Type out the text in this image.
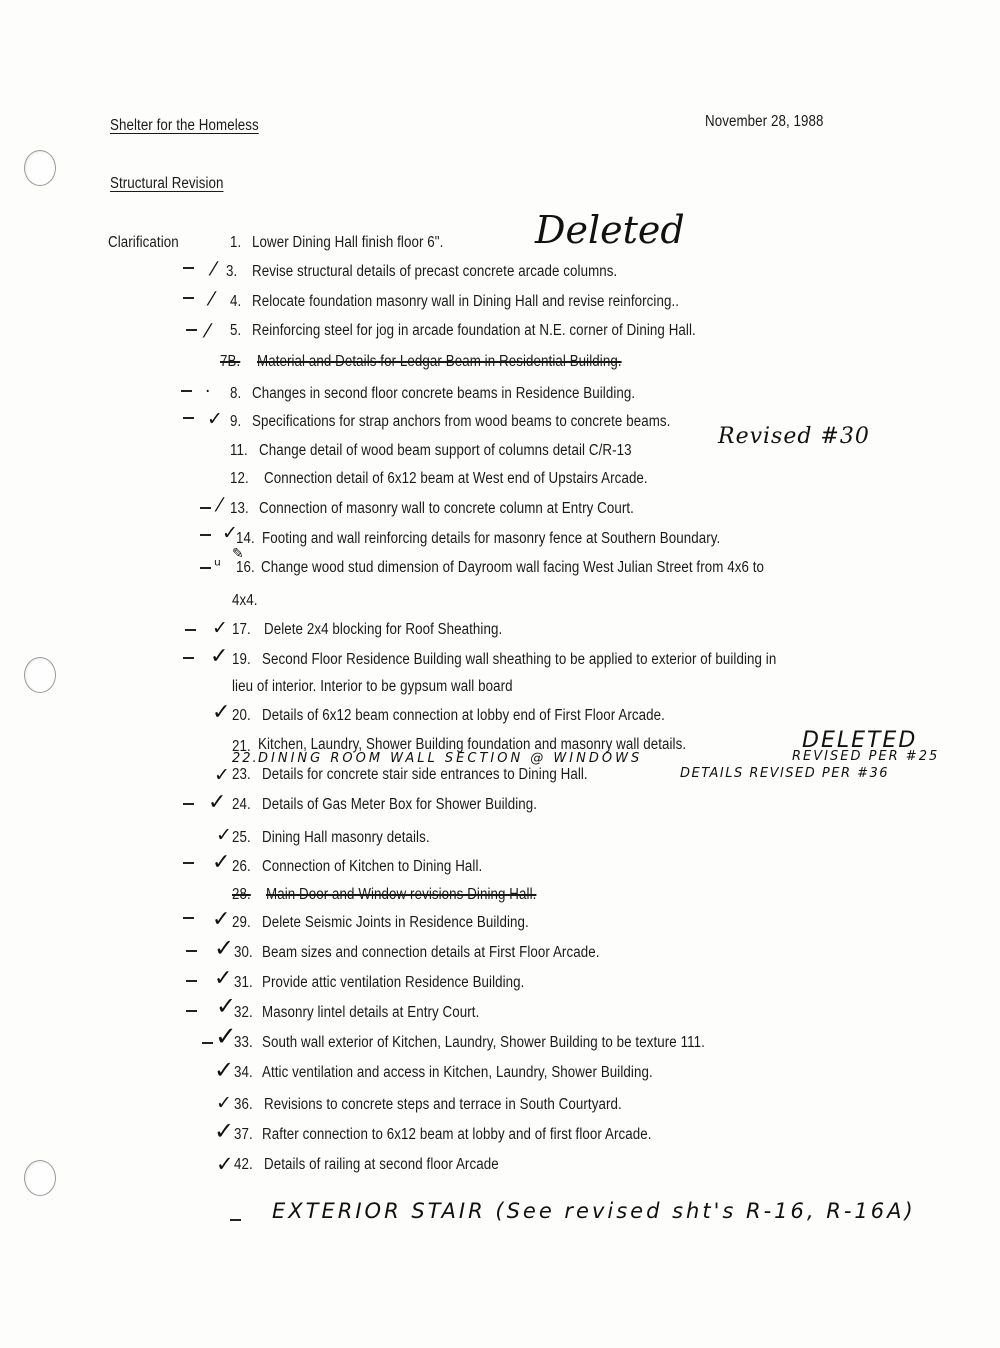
Shelter for the Homeless	November 28, 1988
Structural Revision
Clarification	1. Lower Dining Hall finish floor 6". Deleted
⁄ 3. Revise structural details of precast concrete arcade columns.
⁄ 4. Relocate foundation masonry wall in Dining Hall and revise reinforcing..
⁄ 5. Reinforcing steel for jog in arcade foundation at N.E. corner of Dining Hall.
7B. Material and Details for Ledgar Beam in Residential Building.
· 8. Changes in second floor concrete beams in Residence Building.
✓ 9. Specifications for strap anchors from wood beams to concrete beams.
11. Change detail of wood beam support of columns detail C/R-13
Revised #30
12. Connection detail of 6x12 beam at West end of Upstairs Arcade.
⁄ 13. Connection of masonry wall to concrete column at Entry Court.
✓
14. Footing and wall reinforcing details for masonry fence at Southern Boundary.
ᵘ
✎
16. Change wood stud dimension of Dayroom wall facing West Julian Street from 4x6 to
4x4.
✓ 17. Delete 2x4 blocking for Roof Sheathing.
✓ 19. Second Floor Residence Building wall sheathing to be applied to exterior of building in
lieu of interior. Interior to be gypsum wall board
✓ 20. Details of 6x12 beam connection at lobby end of First Floor Arcade.
21. Kitchen, Laundry, Shower Building foundation and masonry wall details.	DELETED
22. DINING ROOM WALL SECTION @ WINDOWS	REVISED PER #25
✓ 23. Details for concrete stair side entrances to Dining Hall.	DETAILS REVISED PER #36
✓ 24. Details of Gas Meter Box for Shower Building.
✓ 25. Dining Hall masonry details.
✓ 26. Connection of Kitchen to Dining Hall.
28. Main Door and Window revisions Dining Hall.
✓ 29. Delete Seismic Joints in Residence Building.
✓ 30. Beam sizes and connection details at First Floor Arcade.
✓ 31. Provide attic ventilation Residence Building.
✓
32. Masonry lintel details at Entry Court.
✓
33. South wall exterior of Kitchen, Laundry, Shower Building to be texture 111.
✓ 34. Attic ventilation and access in Kitchen, Laundry, Shower Building.
✓ 36. Revisions to concrete steps and terrace in South Courtyard.
✓ 37. Rafter connection to 6x12 beam at lobby and of first floor Arcade.
✓ 42. Details of railing at second floor Arcade
EXTERIOR STAIR (See revised sht's R-16, R-16A)
